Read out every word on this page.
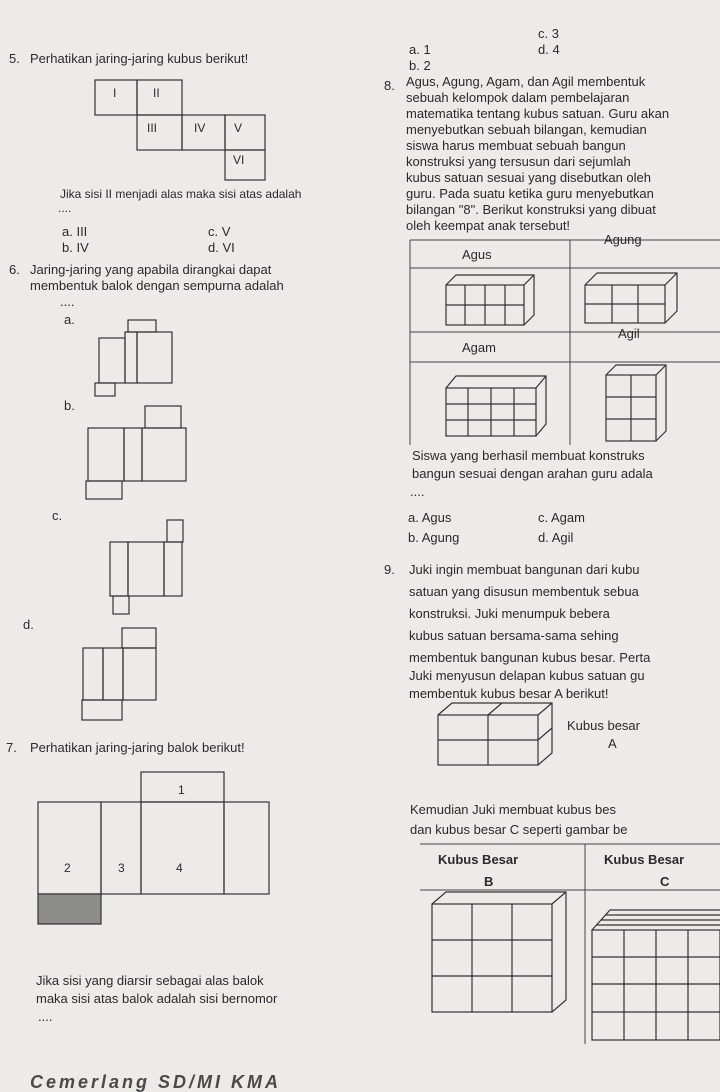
5. Perhatikan jaring-jaring kubus berikut!
I	II
III	IV V
VI
Jika sisi II menjadi alas maka sisi atas adalah
....
a. III
b. IV
c. V
d. VI
6. Jaring-jaring yang apabila dirangkai dapat
membentuk balok dengan sempurna adalah
....
a.
b.
c.
d.
7. Perhatikan jaring-jaring balok berikut!
1
2	3	4
Jika sisi yang diarsir sebagai alas balok
maka sisi atas balok adalah sisi bernomor
....
a. 1
b. 2
c. 3
d. 4
8. Agus, Agung, Agam, dan Agil membentuk
sebuah kelompok dalam pembelajaran
matematika tentang kubus satuan. Guru akan
menyebutkan sebuah bilangan, kemudian
siswa harus membuat sebuah bangun
konstruksi yang tersusun dari sejumlah
kubus satuan sesuai yang disebutkan oleh
guru. Pada suatu ketika guru menyebutkan
bilangan "8". Berikut konstruksi yang dibuat
oleh keempat anak tersebut!
Agus
Agung
Agam
Agil
Siswa yang berhasil membuat konstruks
bangun sesuai dengan arahan guru adala
....
a. Agus
b. Agung
c. Agam
d. Agil
9. Juki ingin membuat bangunan dari kubu
satuan yang disusun membentuk sebua
konstruksi. Juki menumpuk bebera
kubus satuan bersama-sama sehing
membentuk bangunan kubus besar. Perta
Juki menyusun delapan kubus satuan gu
membentuk kubus besar A berikut!
Kubus besar
A
Kemudian Juki membuat kubus bes
dan kubus besar C seperti gambar be
Kubus Besar
B
Kubus Besar
C
Cemerlang SD/MI KMA
